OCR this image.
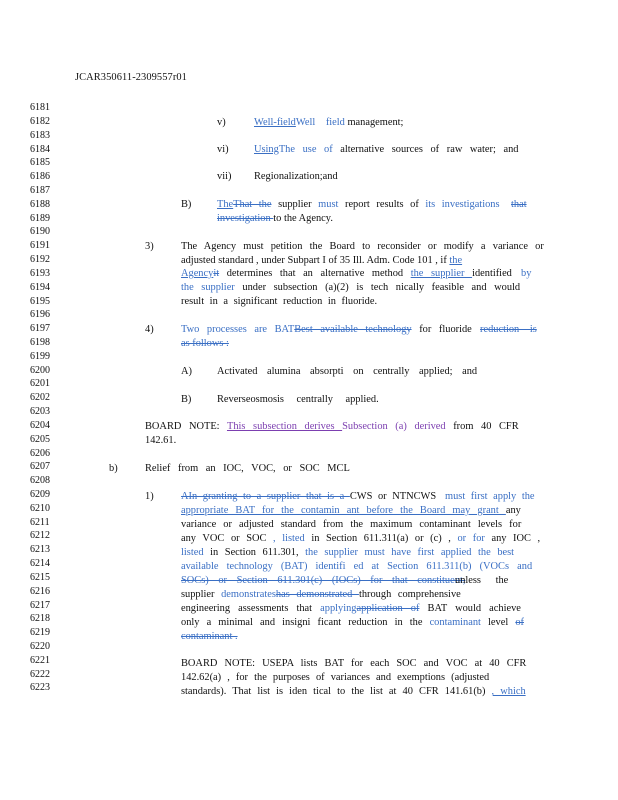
JCAR350611-2309557r01
6181
6182
6183
6184
6185
6186
6187
6188
6189
6190
6191
6192
6193
6194
6195
6196
6197
6198
6199
6200
6201
6202
6203
6204
6205
6206
6207
6208
6209
6210
6211
6212
6213
6214
6215
6216
6217
6218
6219
6220
6221
6222
6223
v)	Well-fieldWell field management;
vi) UsingThe use of alternative sources of raw water; and
vii) Regionalization;and
B) TheThat the supplier must report results of its investigations that
investigation to the Agency.
3)	The Agency must petition the Board to reconsider or modify a variance or
adjusted standard , under Subpart I of 35 Ill. Adm. Code 101 , if the
Agencyit determines that an alternative method the supplier identified by
the supplier under subsection (a)(2) is tech nically feasible and would
result in a significant reduction in fluoride.
4)	Two processes are BATBest available technology for fluoride reduction is
as follows :
A) Activated alumina absorpti on centrally applied; and
B) Reverseosmosis centrally applied.
BOARD NOTE: This subsection derives Subsection (a) derived from 40 CFR
142.61.
b)	Relief from an IOC, VOC, or SOC MCL
1)	AIn granting to a supplier that is a CWS or NTNCWS must first apply the
appropriate BAT for the contamin ant before the Board may grant any
variance or adjusted standard from the maximum contaminant levels for
any VOC or SOC , listed in Section 611.311(a) or (c) , or for any IOC ,
listed in Section 611.301, the supplier must have first applied the best
available technology (BAT) identifi ed at Section 611.311(b) (VOCs and
SOCs) or Section 611.301(c) (IOCs) for that constituent,
unless the
supplier demonstrateshas demonstrated through comprehensive
engineering assessments that applyingapplication of BAT would achieve
only a minimal and insigni ficant reduction in the contaminant level of
contaminant .
BOARD NOTE: USEPA lists BAT for each SOC and VOC at 40 CFR
142.62(a) , for the purposes of variances and exemptions (adjusted
standards). That list is iden tical to the list at 40 CFR 141.61(b) , which
